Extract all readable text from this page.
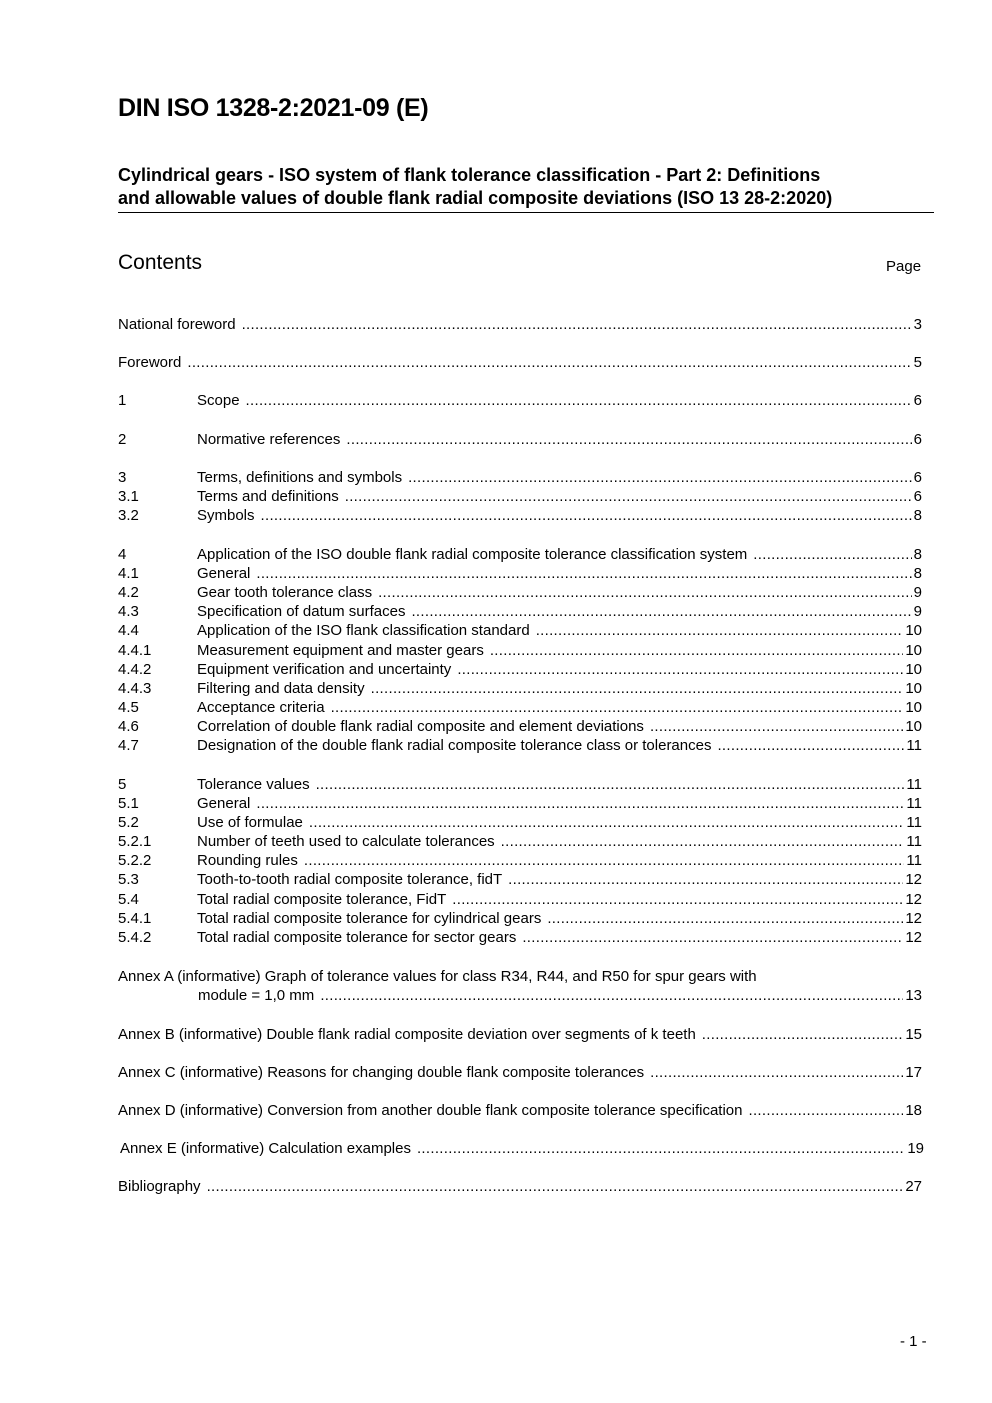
DIN ISO 1328-2:2021-09 (E)
Cylindrical gears - ISO system of flank tolerance classification - Part 2: Definitions
and allowable values of double flank radial composite deviations (ISO 13 28-2:2020)
Contents	Page

National foreword .....	3
Foreword .....	5
1	Scope .....	6
2	Normative references .....	6
3	Terms, definitions and symbols .....	6
3.1	Terms and definitions .....	6
3.2	Symbols .....	8
4	Application of the ISO double flank radial composite tolerance classification system .....	8
4.1	General .....	8
4.2	Gear tooth tolerance class .....	9
4.3	Specification of datum surfaces .....	9
4.4	Application of the ISO flank classification standard .....	10
4.4.1	Measurement equipment and master gears .....	10
4.4.2	Equipment verification and uncertainty .....	10
4.4.3	Filtering and data density .....	10
4.5	Acceptance criteria .....	10
4.6	Correlation of double flank radial composite and element deviations .....	10
4.7	Designation of the double flank radial composite tolerance class or tolerances .....	11
5	Tolerance values .....	11
5.1	General .....	11
5.2	Use of formulae .....	11
5.2.1	Number of teeth used to calculate tolerances .....	11
5.2.2	Rounding rules .....	11
5.3	Tooth-to-tooth radial composite tolerance, fidT .....	12
5.4	Total radial composite tolerance, FidT .....	12
5.4.1	Total radial composite tolerance for cylindrical gears .....	12
5.4.2	Total radial composite tolerance for sector gears .....	12
Annex A (informative) Graph of tolerance values for class R34, R44, and R50 for spur gears with
module = 1,0 mm .....	13
Annex B (informative) Double flank radial composite deviation over segments of k teeth .....	15
Annex C (informative) Reasons for changing double flank composite tolerances .....	17
Annex D (informative) Conversion from another double flank composite tolerance specification .....	18
Annex E (informative) Calculation examples .....	19
Bibliography .....	27

- 1 -
